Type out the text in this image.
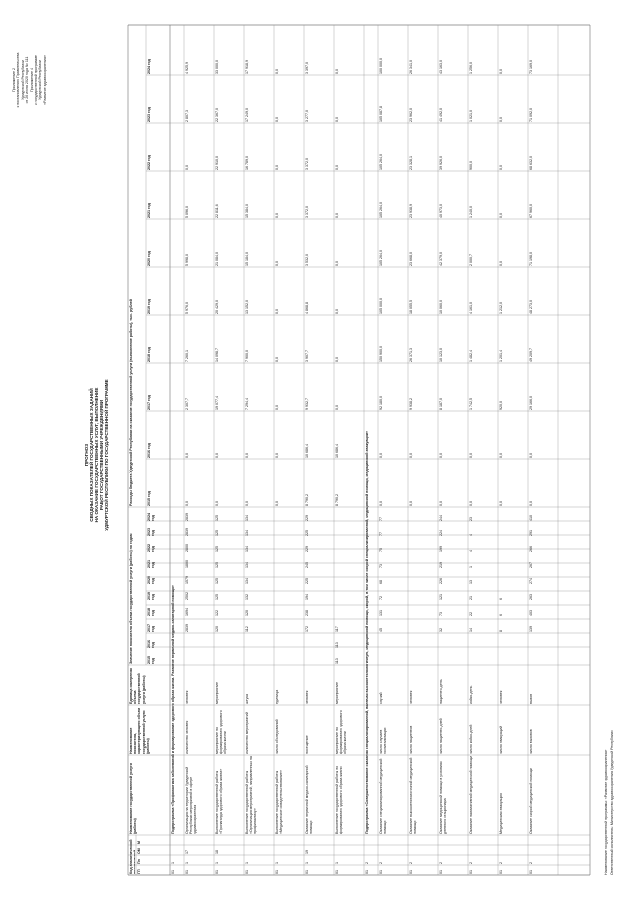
Приложение 2 к постановлению Правительства Удмуртской Республики от 26 июня 2020 года № 111 Приложение 4 к государственной программе Удмуртской Республики «Развитие здравоохранения»
ПРОГНОЗ СВОДНЫХ ПОКАЗАТЕЛЕЙ ГОСУДАРСТВЕННЫХ ЗАДАНИЙ НА ОКАЗАНИЕ ГОСУДАРСТВЕННЫХ УСЛУГ, ВЫПОЛНЕНИЕ РАБОТ ГОСУДАРСТВЕННЫМИ УЧРЕЖДЕНИЯМИ УДМУРТСКОЙ РЕСПУБЛИКИ ПО ГОСУДАРСТВЕННОЙ ПРОГРАММЕ
Наименование государственной программы: «Развитие здравоохранения» Ответственный исполнитель: Министерство здравоохранения Удмуртской Республики
Код аналитической
ГП
Пп
ОМ
М
Наименование государственной услуги (работы)
Наименование показателя, характеризующего объем государственной услуги (работы)
Единица измерения объема государственной услуги (работы)
Значение показателя объема государственной услуги (работы) по годам
Расходы бюджета Удмуртской Республики на оказание государственной услуги (выполнение работы), тыс. рублей
2015 год
2015 год
2016 год
2016 год
2017 год
2017 год
2018 год
2018 год
2019 год
2019 год
2020 год
2020 год
2021 год
2021 год
2022 год
2022 год
2023 год
2023 год
2024 год
2024 год
01
1
Подпрограмма «Профилактика заболеваний и формирование здорового образа жизни. Развитие первичной медико-санитарной помощи»
01
1
17
Организация на территории Удмуртской Республики мероприятий в сфере здравоохранения
количество человек
человек
2839
1694
2502
1579
1800
2800
2839
2839
0,0
0,0
2 307,7
7 260,1
5 976,0
5 998,0
5 096,0
0,0
2 807,3
4 925,9
01
1
18
Выполнение государственной работы «Пропаганда здорового образа жизни»
мероприятие по формированию здорового образа жизни
мероприятие
120
122
125
125
125
125
125
125
0,0
0,0
19 077,4
14 098,7
20 429,0
21 084,0
22 811,6
22 910,0
22 367,0
33 000,0
01
1
Выполнение государственной работы «Организация мероприятий, направленных на профилактику»
количество мероприятий
штука
112
120
132
134
134
134
134
134
0,0
0,0
7 294,4
7 900,0
13 152,0
15 184,0
15 384,0
16 789,0
17 249,0
17 918,9
01
1
Выполнение государственной работы «Медицинское освидетельствование»
число обследований
единица
0,0
0,0
0,0
0,0
0,0
0,0
0,0
0,0
0,0
0,0
01
1
19
Оказание первичной медико-санитарной помощи
посещение
человек
172
238
194
225
245
229
225
229
8 790,2
10 686,4
9 932,7
3 907,7
4 868,8
3 532,0
3 372,0
3 372,0
3 277,0
3 397,0
01
1
Выполнение государственной работы по формированию здорового образа жизни
мероприятие по формированию здорового образа жизни
мероприятие
113
113
117
8 790,2
10 686,4
0,0
0,0
0,0
0,0
0,0
0,0
0,0
0,0
01
2
Подпрограмма «Совершенствование оказания специализированной, включая высокотехнологичную, медицинской помощи, скорой, в том числе скорой специализированной, медицинской помощи, медицинской эвакуации»
01
2
Оказание специализированной медицинской помощи
число случаев госпитализации
случай
45
131
72
68
73
75
77
77
0,0
0,0
92 180,0
150 900,0
105 000,0
105 264,0
105 264,0
105 264,0
105 087,8
100 000,0
01
2
Оказание высокотехнологичной медицинской помощи
число пациентов
человек
0,0
0,0
9 938,2
26 371,3
18 055,5
23 668,0
23 938,9
23 328,1
23 962,0
26 341,0
01
2
Оказание медицинской помощи в условиях дневного стационара
число пациенто-дней
пациенто-день
32
73
121
226
219
199
224
244
0,0
0,0
8 187,0
10 123,0
10 060,0
42 379,0
40 973,0
39 926,0
41 492,0
43 163,0
01
2
Оказание паллиативной медицинской помощи
число койко-дней
койко-день
14
22
21
13
1
4
4
23
0,0
0,0
1 742,5
1 482,4
4 161,0
2 000,7
1 240,0
900,0
1 021,0
1 256,0
01
2
Медицинская эвакуация
число эвакуаций
человек
8
6
6
0,0
0,0
920,0
1 201,4
1 212,0
0,0
0,0
0,0
0,0
0,0
01
2
Оказание скорой медицинской помощи
число вызовов
вызов
139
403
263
274
267
266
291
410
0,0
0,0
29 166,0
49 209,7
48 273,0
71 198,0
67 960,0
68 632,0
71 092,0
73 169,0
